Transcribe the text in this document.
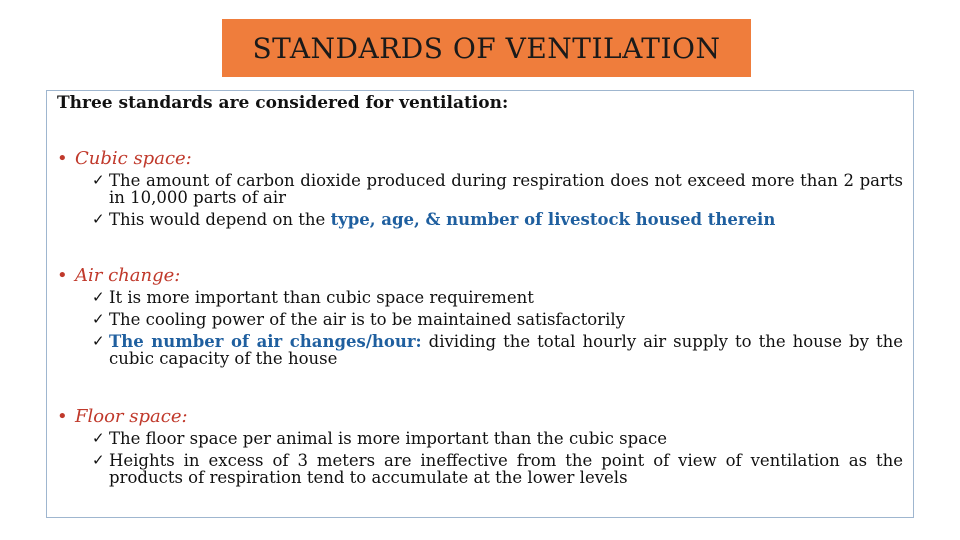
STANDARDS OF VENTILATION
Three standards are considered for ventilation:
• Cubic space:
✓ The amount of carbon dioxide produced during respiration does not exceed more than 2 parts in 10,000 parts of air
✓ This would depend on the type, age, & number of livestock housed therein
• Air change:
✓ It is more important than cubic space requirement
✓ The cooling power of the air is to be maintained satisfactorily
✓ The number of air changes/hour: dividing the total hourly air supply to the house by the cubic capacity of the house
• Floor space:
✓ The floor space per animal is more important than the cubic space
✓ Heights in excess of 3 meters are ineffective from the point of view of ventilation as the products of respiration tend to accumulate at the lower levels
